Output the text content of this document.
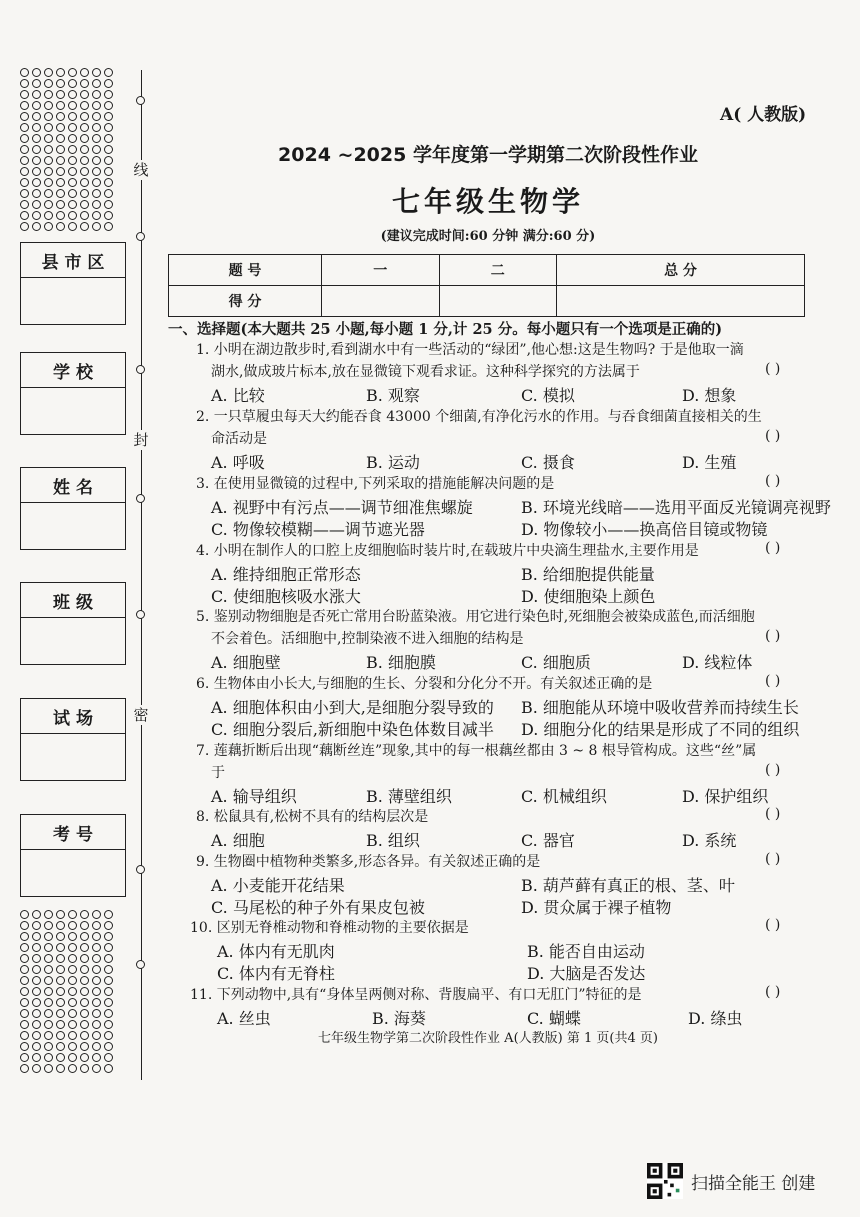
线
封
密
县 市 区
学 校
姓 名
班 级
试 场
考 号
A( 人教版)
2024 ~2025 学年度第一学期第二次阶段性作业
七年级生物学
(建议完成时间:60 分钟 满分:60 分)
题 号	一	二	总 分
得 分			
一、选择题(本大题共 25 小题,每小题 1 分,计 25 分。每小题只有一个选项是正确的)
1. 小明在湖边散步时,看到湖水中有一些活动的“绿团”,他心想:这是生物吗? 于是他取一滴
湖水,做成玻片标本,放在显微镜下观看求证。这种科学探究的方法属于	( )
A. 比较	B. 观察	C. 模拟	D. 想象
2. 一只草履虫每天大约能吞食 43000 个细菌,有净化污水的作用。与吞食细菌直接相关的生
命活动是	( )
A. 呼吸	B. 运动	C. 摄食	D. 生殖
3. 在使用显微镜的过程中,下列采取的措施能解决问题的是	( )
A. 视野中有污点——调节细准焦螺旋	B. 环境光线暗——选用平面反光镜调亮视野
C. 物像较模糊——调节遮光器	D. 物像较小——换高倍目镜或物镜
4. 小明在制作人的口腔上皮细胞临时装片时,在载玻片中央滴生理盐水,主要作用是	( )
A. 维持细胞正常形态	B. 给细胞提供能量
C. 使细胞核吸水涨大	D. 使细胞染上颜色
5. 鉴别动物细胞是否死亡常用台盼蓝染液。用它进行染色时,死细胞会被染成蓝色,而活细胞
不会着色。活细胞中,控制染液不进入细胞的结构是	( )
A. 细胞壁	B. 细胞膜	C. 细胞质	D. 线粒体
6. 生物体由小长大,与细胞的生长、分裂和分化分不开。有关叙述正确的是	( )
A. 细胞体积由小到大,是细胞分裂导致的 B. 细胞能从环境中吸收营养而持续生长
C. 细胞分裂后,新细胞中染色体数目减半 D. 细胞分化的结果是形成了不同的组织
7. 莲藕折断后出现“藕断丝连”现象,其中的每一根藕丝都由 3 ~ 8 根导管构成。这些“丝”属
于	( )
A. 输导组织	B. 薄壁组织	C. 机械组织	D. 保护组织
8. 松鼠具有,松树不具有的结构层次是	( )
A. 细胞	B. 组织	C. 器官	D. 系统
9. 生物圈中植物种类繁多,形态各异。有关叙述正确的是	( )
A. 小麦能开花结果	B. 葫芦藓有真正的根、茎、叶
C. 马尾松的种子外有果皮包被	D. 贯众属于裸子植物
10. 区别无脊椎动物和脊椎动物的主要依据是	( )
A. 体内有无肌肉	B. 能否自由运动
C. 体内有无脊柱	D. 大脑是否发达
11. 下列动物中,具有“身体呈两侧对称、背腹扁平、有口无肛门”特征的是	( )
A. 丝虫	B. 海葵	C. 蝴蝶	D. 绦虫
七年级生物学第二次阶段性作业 A(人教版) 第 1 页(共4 页)
扫描全能王 创建
